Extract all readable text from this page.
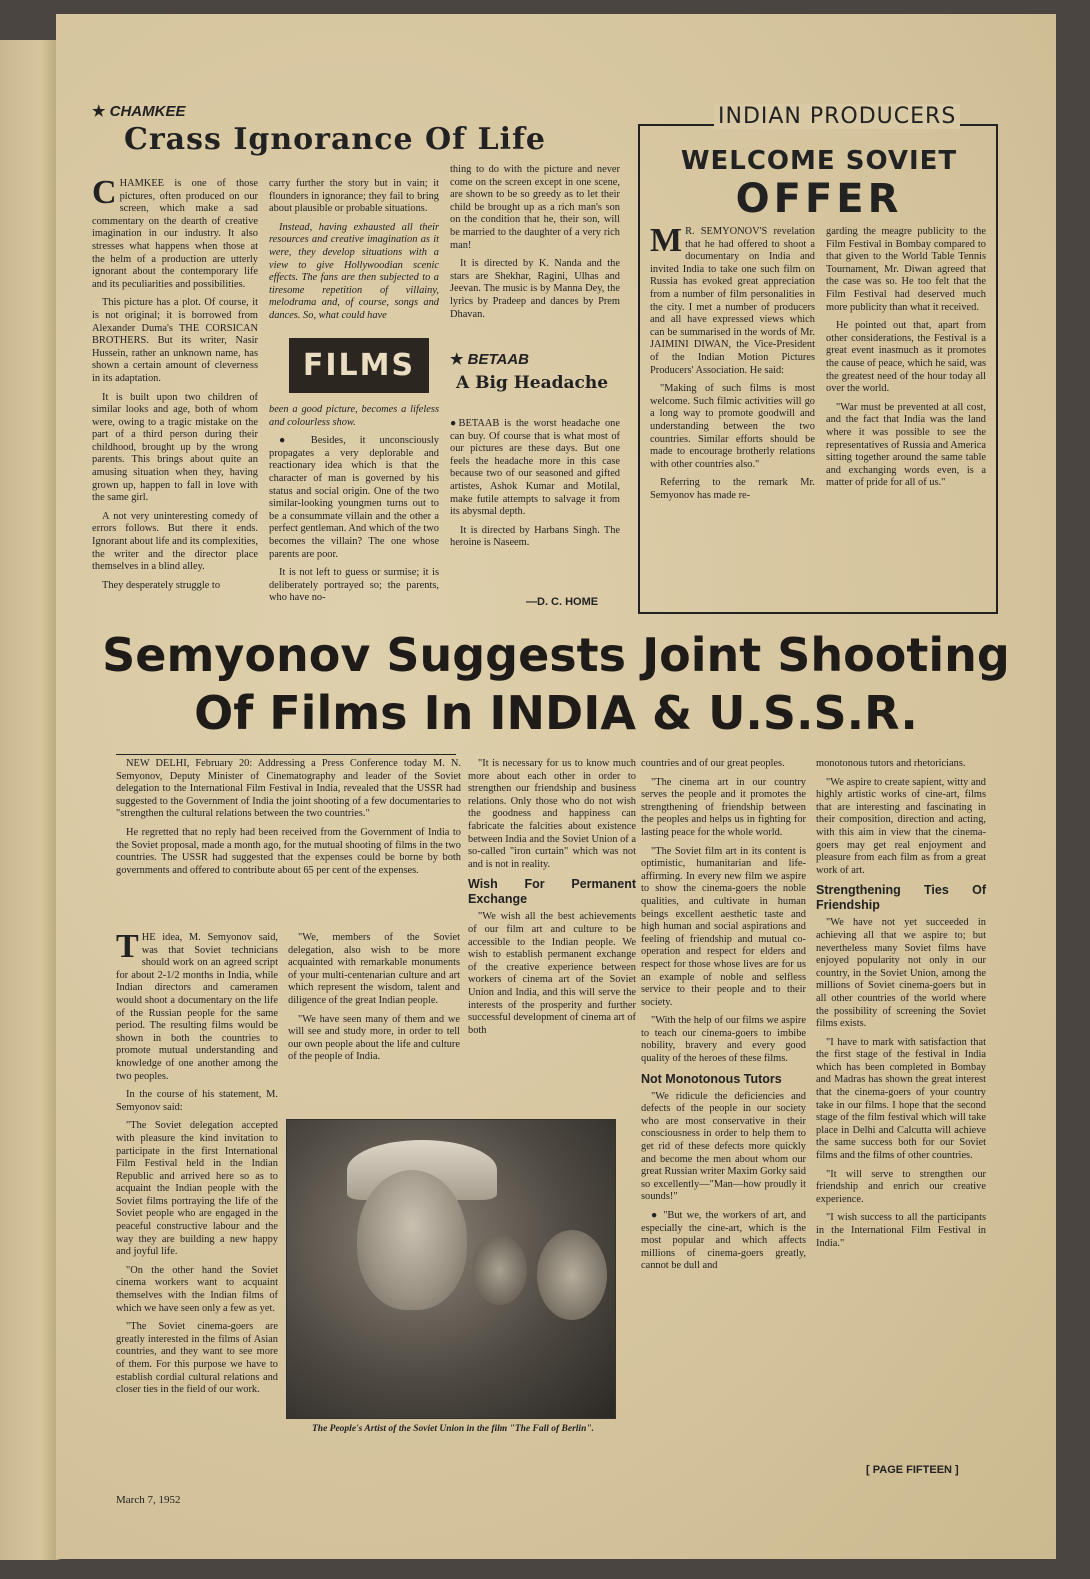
★ CHAMKEE
Crass Ignorance Of Life

CHAMKEE is one of those pictures, often produced on our screen, which make a sad commentary on the dearth of creative imagination in our industry. It also stresses what happens when those at the helm of a production are utterly ignorant about the contemporary life and its peculiarities and possibilities.

This picture has a plot. Of course, it is not original; it is borrowed from Alexander Duma's THE CORSICAN BROTHERS. But its writer, Nasir Hussein, rather an unknown name, has shown a certain amount of cleverness in its adaptation.

It is built upon two children of similar looks and age, both of whom were, owing to a tragic mistake on the part of a third person during their childhood, brought up by the wrong parents. This brings about quite an amusing situation when they, having grown up, happen to fall in love with the same girl.

A not very uninteresting comedy of errors follows. But there it ends. Ignorant about life and its complexities, the writer and the director place themselves in a blind alley.

They desperately struggle to

carry further the story but in vain; it flounders in ignorance; they fail to bring about plausible or probable situations.

Instead, having exhausted all their resources and creative imagination as it were, they develop situations with a view to give Hollywoodian scenic effects. The fans are then subjected to a tiresome repetition of villainy, melodrama and, of course, songs and dances. So, what could have

FILMS

been a good picture, becomes a lifeless and colourless show.

● Besides, it unconsciously propagates a very deplorable and reactionary idea which is that the character of man is governed by his status and social origin. One of the two similar-looking youngmen turns out to be a consummate villain and the other a perfect gentleman. And which of the two becomes the villain? The one whose parents are poor.

It is not left to guess or surmise; it is deliberately portrayed so; the parents, who have no-

thing to do with the picture and never come on the screen except in one scene, are shown to be so greedy as to let their child be brought up as a rich man's son on the condition that he, their son, will be married to the daughter of a very rich man!

It is directed by K. Nanda and the stars are Shekhar, Ragini, Ulhas and Jeevan. The music is by Manna Dey, the lyrics by Pradeep and dances by Prem Dhavan.

★ BETAAB
A Big Headache

●BETAAB is the worst headache one can buy. Of course that is what most of our pictures are these days. But one feels the headache more in this case because two of our seasoned and gifted artistes, Ashok Kumar and Motilal, make futile attempts to salvage it from its abysmal depth.

It is directed by Harbans Singh. The heroine is Naseem.

—D. C. HOME
INDIAN PRODUCERS
WELCOME SOVIET
OFFER

M R. SEMYONOV'S revelation that he had offered to shoot a documentary on India and invited India to take one such film on Russia has evoked great appreciation from a number of film personalities in the city. I met a number of producers and all have expressed views which can be summarised in the words of Mr. JAIMINI DIWAN, the Vice-President of the Indian Motion Pictures Producers' Association. He said:

"Making of such films is most welcome. Such filmic activities will go a long way to promote goodwill and understanding between the two countries. Similar efforts should be made to encourage brotherly relations with other countries also."

Referring to the remark Mr. Semyonov has made re-

garding the meagre publicity to the Film Festival in Bombay compared to that given to the World Table Tennis Tournament, Mr. Diwan agreed that the case was so. He too felt that the Film Festival had deserved much more publicity than what it received.

He pointed out that, apart from other considerations, the Festival is a great event inasmuch as it promotes the cause of peace, which he said, was the greatest need of the hour today all over the world.

"War must be prevented at all cost, and the fact that India was the land where it was possible to see the representatives of Russia and America sitting together around the same table and exchanging words even, is a matter of pride for all of us."

Semyonov Suggests Joint Shooting
Of Films In INDIA & U.S.S.R.

NEW DELHI, February 20: Addressing a Press Conference today M. N. Semyonov, Deputy Minister of Cinematography and leader of the Soviet delegation to the International Film Festival in India, revealed that the USSR had suggested to the Government of India the joint shooting of a few documentaries to "strengthen the cultural relations between the two countries."

He regretted that no reply had been received from the Government of India to the Soviet proposal, made a month ago, for the mutual shooting of films in the two countries. The USSR had suggested that the expenses could be borne by both governments and offered to contribute about 65 per cent of the expenses.

THE idea, M. Semyonov said, was that Soviet technicians should work on an agreed script for about 2-1/2 months in India, while Indian directors and cameramen would shoot a documentary on the life of the Russian people for the same period. The resulting films would be shown in both the countries to promote mutual understanding and knowledge of one another among the two peoples.

In the course of his statement, M. Semyonov said:

"The Soviet delegation accepted with pleasure the kind invitation to participate in the first International Film Festival held in the Indian Republic and arrived here so as to acquaint the Indian people with the Soviet films portraying the life of the Soviet people who are engaged in the peaceful constructive labour and the way they are building a new happy and joyful life.

"On the other hand the Soviet cinema workers want to acquaint themselves with the Indian films of which we have seen only a few as yet.

"The Soviet cinema-goers are greatly interested in the films of Asian countries, and they want to see more of them. For this purpose we have to establish cordial cultural relations and closer ties in the field of our work.

"We, members of the Soviet delegation, also wish to be more acquainted with remarkable monuments of your multi-centenarian culture and art which represent the wisdom, talent and diligence of the great Indian people.

"We have seen many of them and we will see and study more, in order to tell our own people about the life and culture of the people of India.

"It is necessary for us to know much more about each other in order to strengthen our friendship and business relations. Only those who do not wish the goodness and happiness can fabricate the falcities about existence between India and the Soviet Union of a so-called "iron curtain" which was not and is not in reality.

Wish For Permanent Exchange

"We wish all the best achievements of our film art and culture to be accessible to the Indian people. We wish to establish permanent exchange of the creative experience between workers of cinema art of the Soviet Union and India, and this will serve the interests of the prosperity and further successful development of cinema art of both

countries and of our great peoples.

"The cinema art in our country serves the people and it promotes the strengthening of friendship between the peoples and helps us in fighting for lasting peace for the whole world.

"The Soviet film art in its content is optimistic, humanitarian and life-affirming. In every new film we aspire to show the cinema-goers the noble qualities, and cultivate in human beings excellent aesthetic taste and high human and social aspirations and feeling of friendship and mutual co-operation and respect for elders and respect for those whose lives are for us an example of noble and selfless service to their people and to their society.

"With the help of our films we aspire to teach our cinema-goers to imbibe nobility, bravery and every good quality of the heroes of these films.

Not Monotonous Tutors

"We ridicule the deficiencies and defects of the people in our society who are most conservative in their consciousness in order to help them to get rid of these defects more quickly and become the men about whom our great Russian writer Maxim Gorky said so excellently—"Man—how proudly it sounds!"

● "But we, the workers of art, and especially the cine-art, which is the most popular and which affects millions of cinema-goers greatly, cannot be dull and

monotonous tutors and rhetoricians.

"We aspire to create sapient, witty and highly artistic works of cine-art, films that are interesting and fascinating in their composition, direction and acting, with this aim in view that the cinema-goers may get real enjoyment and pleasure from each film as from a great work of art.

Strengthening Ties Of Friendship

"We have not yet succeeded in achieving all that we aspire to; but nevertheless many Soviet films have enjoyed popularity not only in our country, in the Soviet Union, among the millions of Soviet cinema-goers but in all other countries of the world where the possibility of screening the Soviet films exists.

"I have to mark with satisfaction that the first stage of the festival in India which has been completed in Bombay and Madras has shown the great interest that the cinema-goers of your country take in our films. I hope that the second stage of the film festival which will take place in Delhi and Calcutta will achieve the same success both for our Soviet films and the films of other countries.

"It will serve to strengthen our friendship and enrich our creative experience.

"I wish success to all the participants in the International Film Festival in India."

The People's Artist of the Soviet Union in the film "The Fall of Berlin".
March 7, 1952
[ PAGE FIFTEEN ]
